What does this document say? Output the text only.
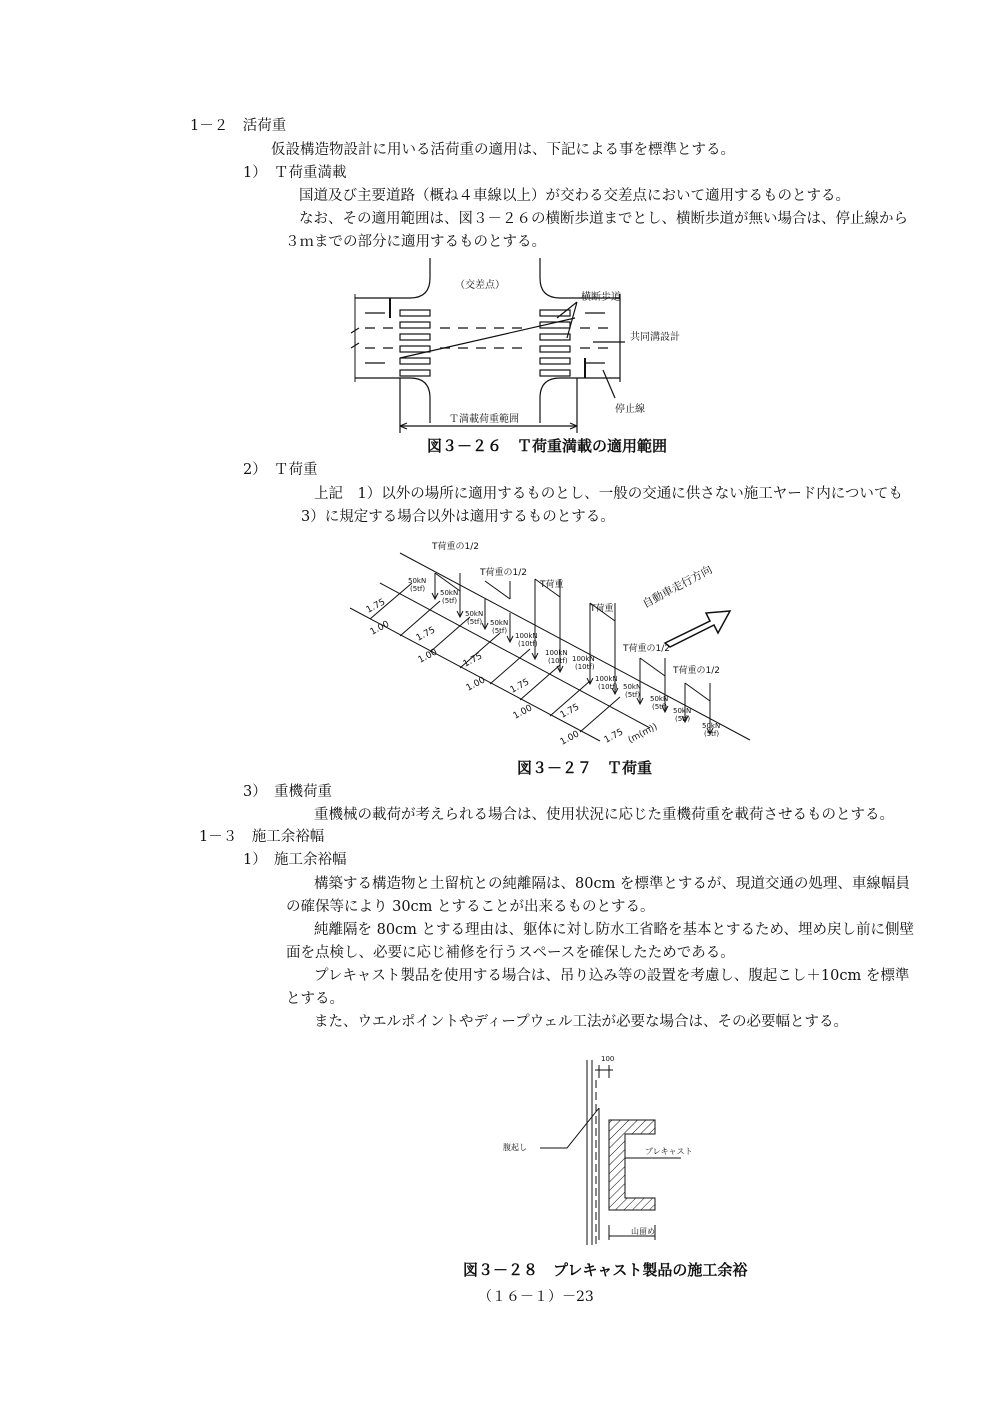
1－２　活荷重
仮設構造物設計に用いる活荷重の適用は、下記による事を標準とする。
1）　Ｔ荷重満載
国道及び主要道路（概ね４車線以上）が交わる交差点において適用するものとする。
なお、その適用範囲は、図３－２６の横断歩道までとし、横断歩道が無い場合は、停止線から
３ｍまでの部分に適用するものとする。
（交差点）
横断歩道
共同溝設計
停止線
Ｔ満載荷重範囲
図３－２６　Ｔ荷重満載の適用範囲
2）　Ｔ荷重
上記　1）以外の場所に適用するものとし、一般の交通に供さない施工ヤード内についても
3）に規定する場合以外は適用するものとする。
T荷重の1/2
T荷重の1/2
T荷重
T荷重
T荷重の1/2
T荷重の1/2
自動車走行方向
50kN
(5tf) 50kN
(5tf)
50kN
(5tf) 50kN
(5tf)
100kN
(10tf)
100kN
(10tf) 100kN
(10tf)
100kN
(10tf) 50kN
(5tf) 50kN
(5tf) 50kN
(5tf)
50kN
(5tf)
1.75
1.00	1.75
1.00	1.75
1.00 1.75
1.00	1.75
1.00 1.75 (m(m))
図３－２７　Ｔ荷重
3）　重機荷重
重機械の載荷が考えられる場合は、使用状況に応じた重機荷重を載荷させるものとする。
1－３　施工余裕幅
1）　施工余裕幅
構築する構造物と土留杭との純離隔は、80cm を標準とするが、現道交通の処理、車線幅員
の確保等により 30cm とすることが出来るものとする。
純離隔を 80cm とする理由は、躯体に対し防水工省略を基本とするため、埋め戻し前に側壁
面を点検し、必要に応じ補修を行うスペースを確保したためである。
プレキャスト製品を使用する場合は、吊り込み等の設置を考慮し、腹起こし＋10cm を標準
とする。
また、ウエルポイントやディープウェル工法が必要な場合は、その必要幅とする。
100
腹起し	プレキャスト
山留め
図３－２８　プレキャスト製品の施工余裕
（１６－１）－23
